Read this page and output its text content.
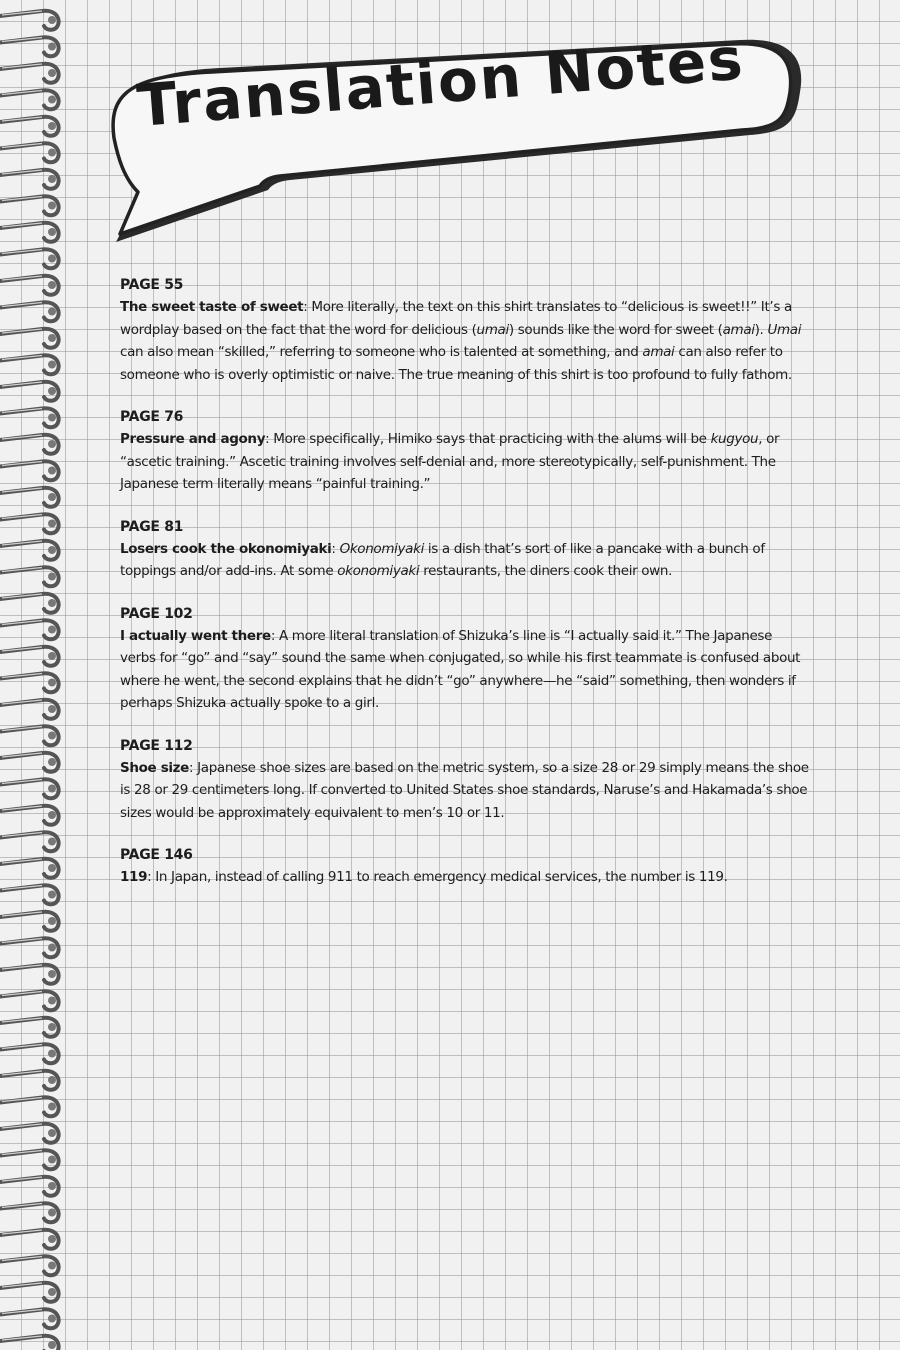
Translation Notes
PAGE 55
The sweet taste of sweet: More literally, the text on this shirt translates to “delicious is sweet!!” It’s a wordplay based on the fact that the word for delicious (umai) sounds like the word for sweet (amai). Umai can also mean “skilled,” referring to someone who is talented at something, and amai can also refer to someone who is overly optimistic or naive. The true meaning of this shirt is too profound to fully fathom.
PAGE 76
Pressure and agony: More specifically, Himiko says that practicing with the alums will be kugyou, or “ascetic training.” Ascetic training involves self-denial and, more stereotypically, self-punishment. The Japanese term literally means “painful training.”
PAGE 81
Losers cook the okonomiyaki: Okonomiyaki is a dish that’s sort of like a pancake with a bunch of toppings and/or add-ins. At some okonomiyaki restaurants, the diners cook their own.
PAGE 102
I actually went there: A more literal translation of Shizuka’s line is “I actually said it.” The Japanese verbs for “go” and “say” sound the same when conjugated, so while his first teammate is confused about where he went, the second explains that he didn’t “go” anywhere—he “said” something, then wonders if perhaps Shizuka actually spoke to a girl.
PAGE 112
Shoe size: Japanese shoe sizes are based on the metric system, so a size 28 or 29 simply means the shoe is 28 or 29 centimeters long. If converted to United States shoe standards, Naruse’s and Hakamada’s shoe sizes would be approximately equivalent to men’s 10 or 11.
PAGE 146
119: In Japan, instead of calling 911 to reach emergency medical services, the number is 119.
